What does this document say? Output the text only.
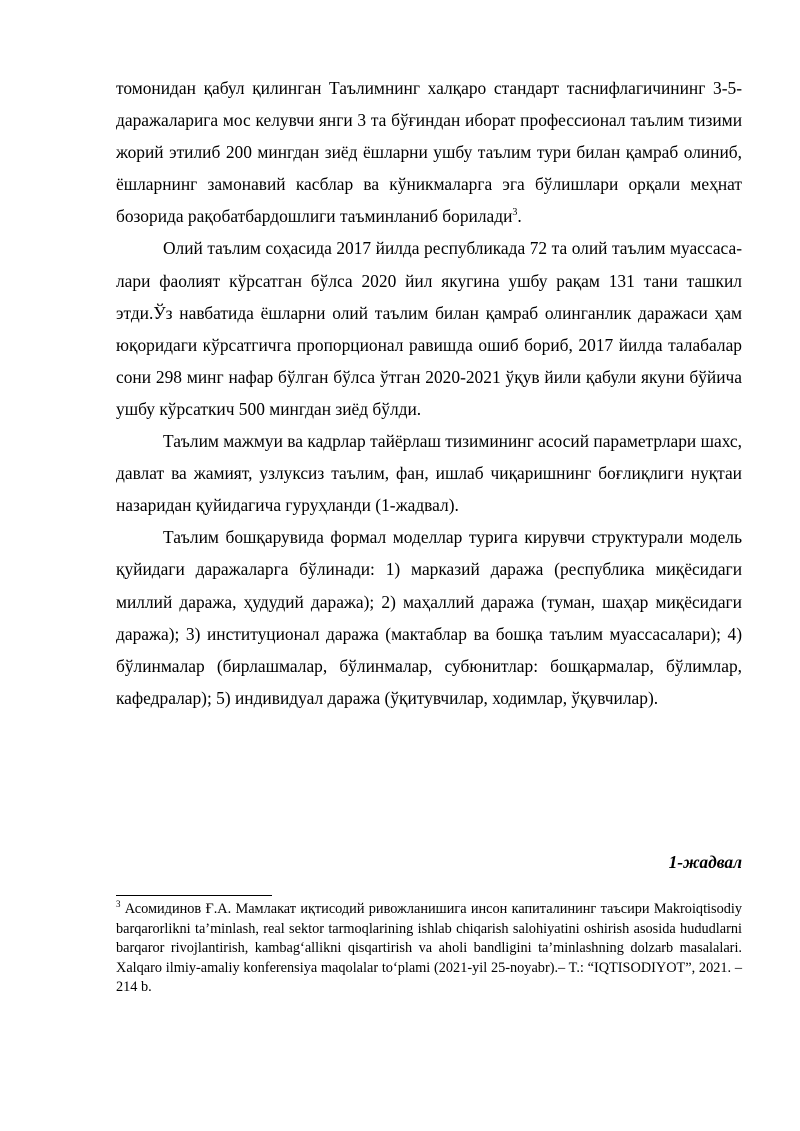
томонидан қабул қилинган Таълимнинг халқаро стандарт таснифлагичининг 3-5-даражаларига мос келувчи янги 3 та бўғиндан иборат профессионал таълим тизими жорий этилиб 200 мингдан зиёд ёшларни ушбу таълим тури билан қамраб олиниб, ёшларнинг замонавий касблар ва кўникмаларга эга бўлишлари орқали меҳнат бозорида рақобатбардошлиги таъминланиб борилади$^3$.

Олий таълим соҳасида 2017 йилда республикада 72 та олий таълим муассаса-лари фаолият кўрсатган бўлса 2020 йил якугина ушбу рақам 131 тани ташкил этди.Ўз навбатида ёшларни олий таълим билан қамраб олинганлик даражаси ҳам юқоридаги кўрсатгичга пропорционал равишда ошиб бориб, 2017 йилда талабалар сони 298 минг нафар бўлган бўлса ўтган 2020-2021 ўқув йили қабули якуни бўйича ушбу кўрсаткич 500 мингдан зиёд бўлди.

Таълим мажмуи ва кадрлар тайёрлаш тизимининг асосий параметрлари шахс, давлат ва жамият, узлуксиз таълим, фан, ишлаб чиқаришнинг боғлиқлиги нуқтаи назаридан қуйидагича гуруҳланди (1-жадвал).

Таълим бошқарувида формал моделлар турига кирувчи структурали модель қуйидаги даражаларга бўлинади: 1) марказий даража (республика миқёсидаги миллий даража, ҳудудий даража); 2) маҳаллий даража (туман, шаҳар миқёсидаги даража); 3) институционал даража (мактаблар ва бошқа таълим муассасалари); 4) бўлинмалар (бирлашмалар, бўлинмалар, субюнитлар: бошқармалар, бўлимлар, кафедралар); 5) индивидуал даража (ўқитувчилар, ходимлар, ўқувчилар).

1-жадвал
$^3$ Асомидинов Ғ.А. Мамлакат иқтисодий ривожланишига инсон капиталининг таъсири Makroiqtisodiy barqarorlikni ta’minlash, real sektor tarmoqlarining ishlab chiqarish salohiyatini oshirish asosida hududlarni barqaror rivojlantirish, kambag‘allikni qisqartirish va aholi bandligini ta’minlashning dolzarb masalalari. Xalqaro ilmiy-amaliy konferensiya maqolalar to‘plami (2021-yil 25-noyabr).– T.: “IQTISODIYOT”, 2021. – 214 b.
